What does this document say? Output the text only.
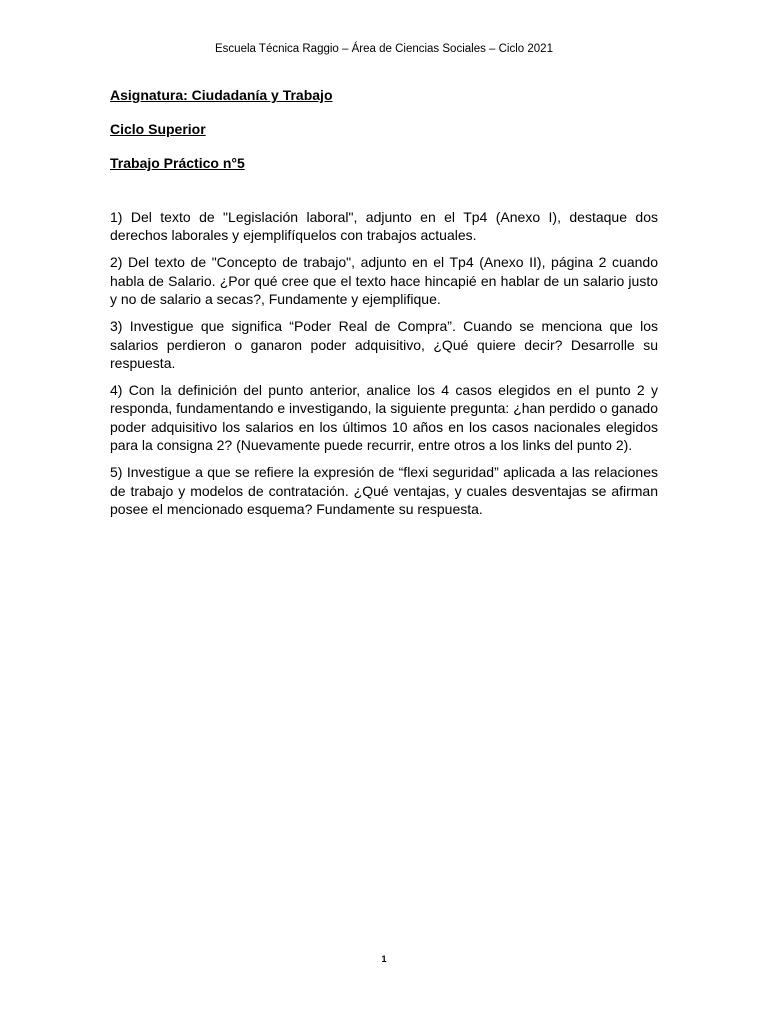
Escuela Técnica Raggio – Área de Ciencias Sociales – Ciclo 2021
Asignatura: Ciudadanía y Trabajo
Ciclo Superior
Trabajo Práctico n°5

1) Del texto de "Legislación laboral", adjunto en el Tp4 (Anexo I), destaque dos derechos laborales y ejemplifíquelos con trabajos actuales.

2) Del texto de "Concepto de trabajo", adjunto en el Tp4 (Anexo II), página 2 cuando habla de Salario. ¿Por qué cree que el texto hace hincapié en hablar de un salario justo y no de salario a secas?, Fundamente y ejemplifique.

3) Investigue que significa “Poder Real de Compra”. Cuando se menciona que los salarios perdieron o ganaron poder adquisitivo, ¿Qué quiere decir? Desarrolle su respuesta.

4) Con la definición del punto anterior, analice los 4 casos elegidos en el punto 2 y responda, fundamentando e investigando, la siguiente pregunta: ¿han perdido o ganado poder adquisitivo los salarios en los últimos 10 años en los casos nacionales elegidos para la consigna 2? (Nuevamente puede recurrir, entre otros a los links del punto 2).

5) Investigue a que se refiere la expresión de “flexi seguridad” aplicada a las relaciones de trabajo y modelos de contratación. ¿Qué ventajas, y cuales desventajas se afirman posee el mencionado esquema? Fundamente su respuesta.

1
